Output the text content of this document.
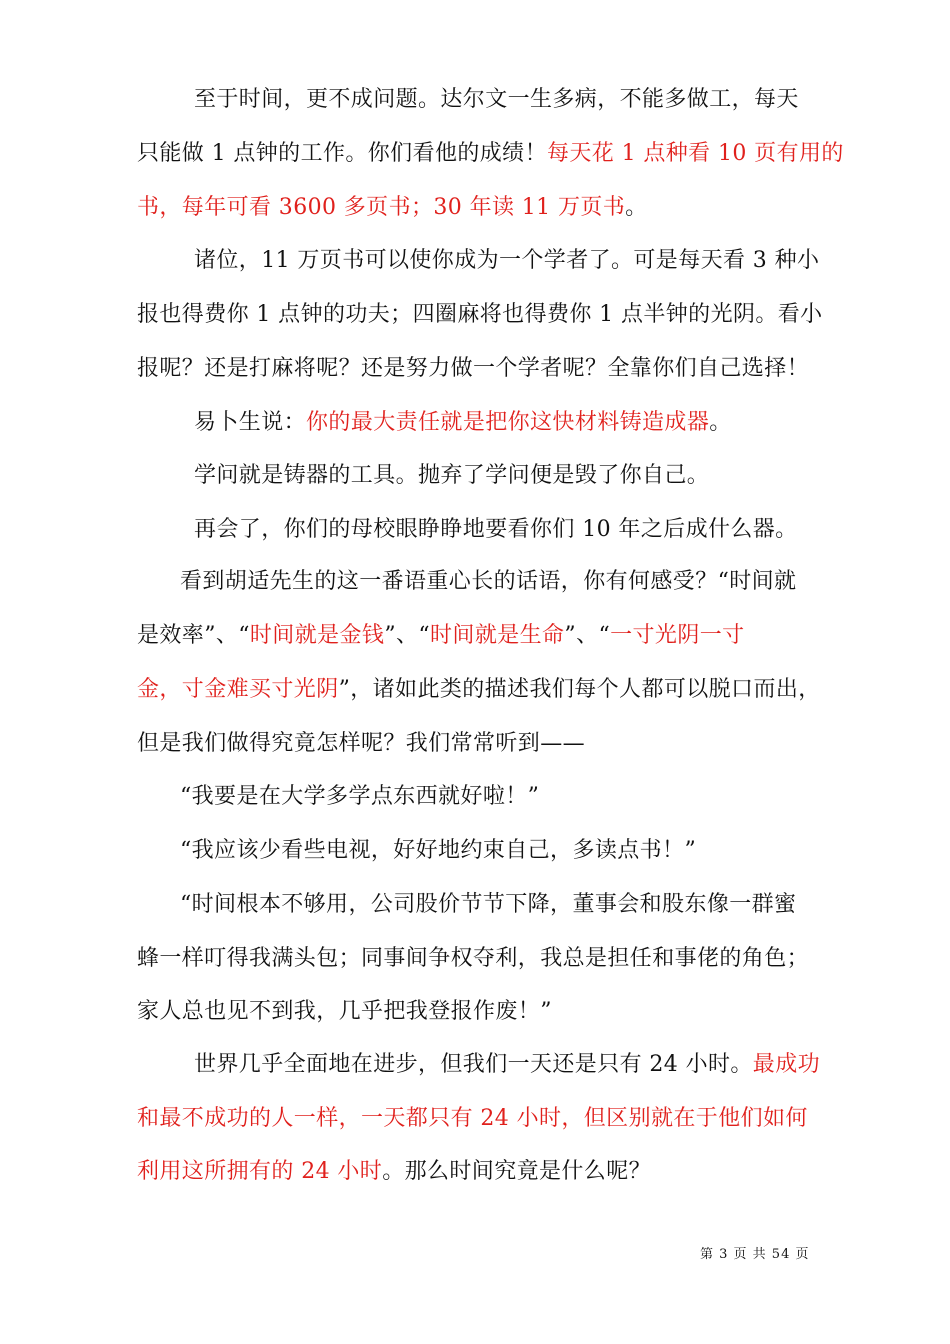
至于时间，更不成问题。达尔文一生多病，不能多做工，每天
只能做 1 点钟的工作。你们看他的成绩！每天花 1 点种看 10 页有用的
书，每年可看 3600 多页书；30 年读 11 万页书。
诸位，11 万页书可以使你成为一个学者了。可是每天看 3 种小
报也得费你 1 点钟的功夫；四圈麻将也得费你 1 点半钟的光阴。看小
报呢？还是打麻将呢？还是努力做一个学者呢？全靠你们自己选择！
易卜生说：你的最大责任就是把你这快材料铸造成器。
学问就是铸器的工具。抛弃了学问便是毁了你自己。
再会了，你们的母校眼睁睁地要看你们 10 年之后成什么器。
看到胡适先生的这一番语重心长的话语，你有何感受？“时间就
是效率”、“时间就是金钱”、“时间就是生命”、“一寸光阴一寸
金，寸金难买寸光阴”，诸如此类的描述我们每个人都可以脱口而出，
但是我们做得究竟怎样呢？我们常常听到——
“我要是在大学多学点东西就好啦！”
“我应该少看些电视，好好地约束自己，多读点书！”
“时间根本不够用，公司股价节节下降，董事会和股东像一群蜜
蜂一样叮得我满头包；同事间争权夺利，我总是担任和事佬的角色；
家人总也见不到我，几乎把我登报作废！”
世界几乎全面地在进步，但我们一天还是只有 24 小时。最成功
和最不成功的人一样，一天都只有 24 小时，但区别就在于他们如何
利用这所拥有的 24 小时。那么时间究竟是什么呢？
第 3 页 共 54 页
